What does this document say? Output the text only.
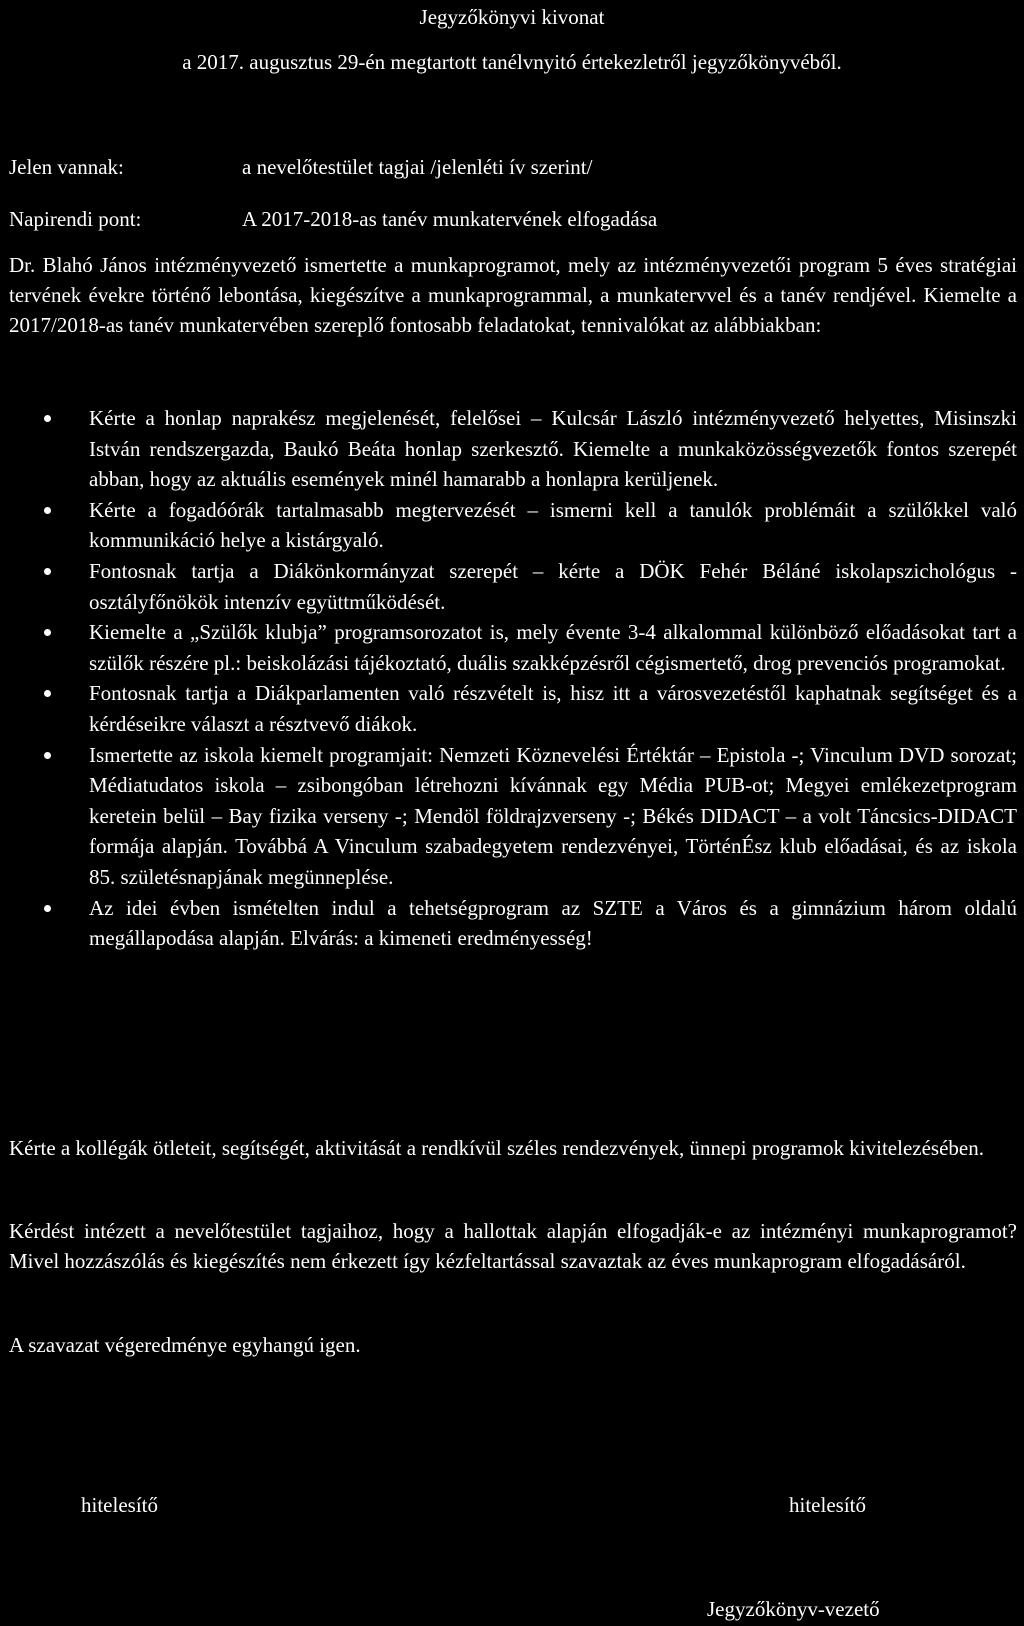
Jegyzőkönyvi kivonat

a 2017. augusztus 29-én megtartott tanélvnyitó értekezletről jegyzőkönyvéből.

Jelen vannak:	a nevelőtestület tagjai /jelenléti ív szerint/

Napirendi pont:	A 2017-2018-as tanév munkatervének elfogadása

Dr. Blahó János intézményvezető ismertette a munkaprogramot, mely az intézményvezetői program 5 éves stratégiai tervének évekre történő lebontása, kiegészítve a munkaprogrammal, a munkatervvel és a tanév rendjével. Kiemelte a 2017/2018-as tanév munkatervében szereplő fontosabb feladatokat, tennivalókat az alábbiakban:

Kérte a honlap naprakész megjelenését, felelősei – Kulcsár László intézményvezető helyettes, Misinszki István rendszergazda, Baukó Beáta honlap szerkesztő. Kiemelte a munkaközösségvezetők fontos szerepét abban, hogy az aktuális események minél hamarabb a honlapra kerüljenek.
Kérte a fogadóórák tartalmasabb megtervezését – ismerni kell a tanulók problémáit a szülőkkel való kommunikáció helye a kistárgyaló.
Fontosnak tartja a Diákönkormányzat szerepét – kérte a DÖK Fehér Béláné iskolapszichológus - osztályfőnökök intenzív együttműködését.
Kiemelte a „Szülők klubja” programsorozatot is, mely évente 3-4 alkalommal különböző előadásokat tart a szülők részére pl.: beiskolázási tájékoztató, duális szakképzésről cégismertető, drog prevenciós programokat.
Fontosnak tartja a Diákparlamenten való részvételt is, hisz itt a városvezetéstől kaphatnak segítséget és a kérdéseikre választ a résztvevő diákok.
Ismertette az iskola kiemelt programjait: Nemzeti Köznevelési Értéktár – Epistola -; Vinculum DVD sorozat; Médiatudatos iskola – zsibongóban létrehozni kívánnak egy Média PUB-ot; Megyei emlékezetprogram keretein belül – Bay fizika verseny -; Mendöl földrajzverseny -; Békés DIDACT – a volt Táncsics-DIDACT formája alapján. Továbbá A Vinculum szabadegyetem rendezvényei, TörténÉsz klub előadásai, és az iskola 85. születésnapjának megünneplése.
Az idei évben ismételten indul a tehetségprogram az SZTE a Város és a gimnázium három oldalú megállapodása alapján. Elvárás: a kimeneti eredményesség!

Kérte a kollégák ötleteit, segítségét, aktivitását a rendkívül széles rendezvények, ünnepi programok kivitelezésében.

Kérdést intézett a nevelőtestület tagjaihoz, hogy a hallottak alapján elfogadják-e az intézményi munkaprogramot? Mivel hozzászólás és kiegészítés nem érkezett így kézfeltartással szavaztak az éves munkaprogram elfogadásáról.

A szavazat végeredménye egyhangú igen.

hitelesítő	hitelesítő

Jegyzőkönyv-vezető
